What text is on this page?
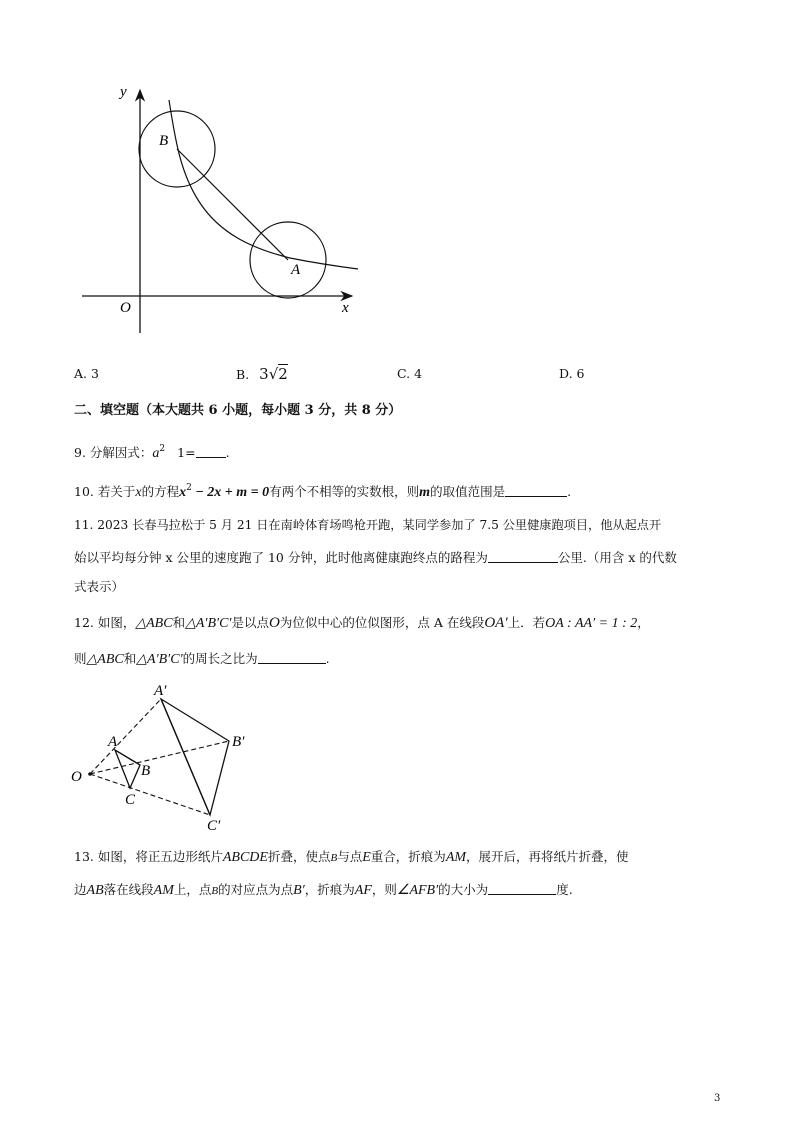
y
x
O
B
A
A. 3	B. 3√2	C. 4	D. 6
二、填空题（本大题共 6 小题，每小题 3 分，共 8 分）
9. 分解因式：$a^2$ 1= .
10. 若关于x的方程$x^2 - 2x + m = 0$有两个不相等的实数根，则m的取值范围是	.
11. 2023 长春马拉松于 5 月 21 日在南岭体育场鸣枪开跑，某同学参加了 7.5 公里健康跑项目，他从起点开
始以平均每分钟 x 公里的速度跑了 10 分钟，此时他离健康跑终点的路程为	公里.（用含 x 的代数
式表示）
12. 如图，△ABC和△A′B′C′是以点O为位似中心的位似图形，点 A 在线段OA′上．若OA : AA′ = 1 : 2，
则△ABC和△A′B′C′的周长之比为	.
A′
B′
C′
A
B
C
O
13. 如图，将正五边形纸片ABCDE折叠，使点B与点E重合，折痕为AM，展开后，再将纸片折叠，使
边AB落在线段AM上，点B的对应点为点B′，折痕为AF，则∠AFB′的大小为	度.
3
